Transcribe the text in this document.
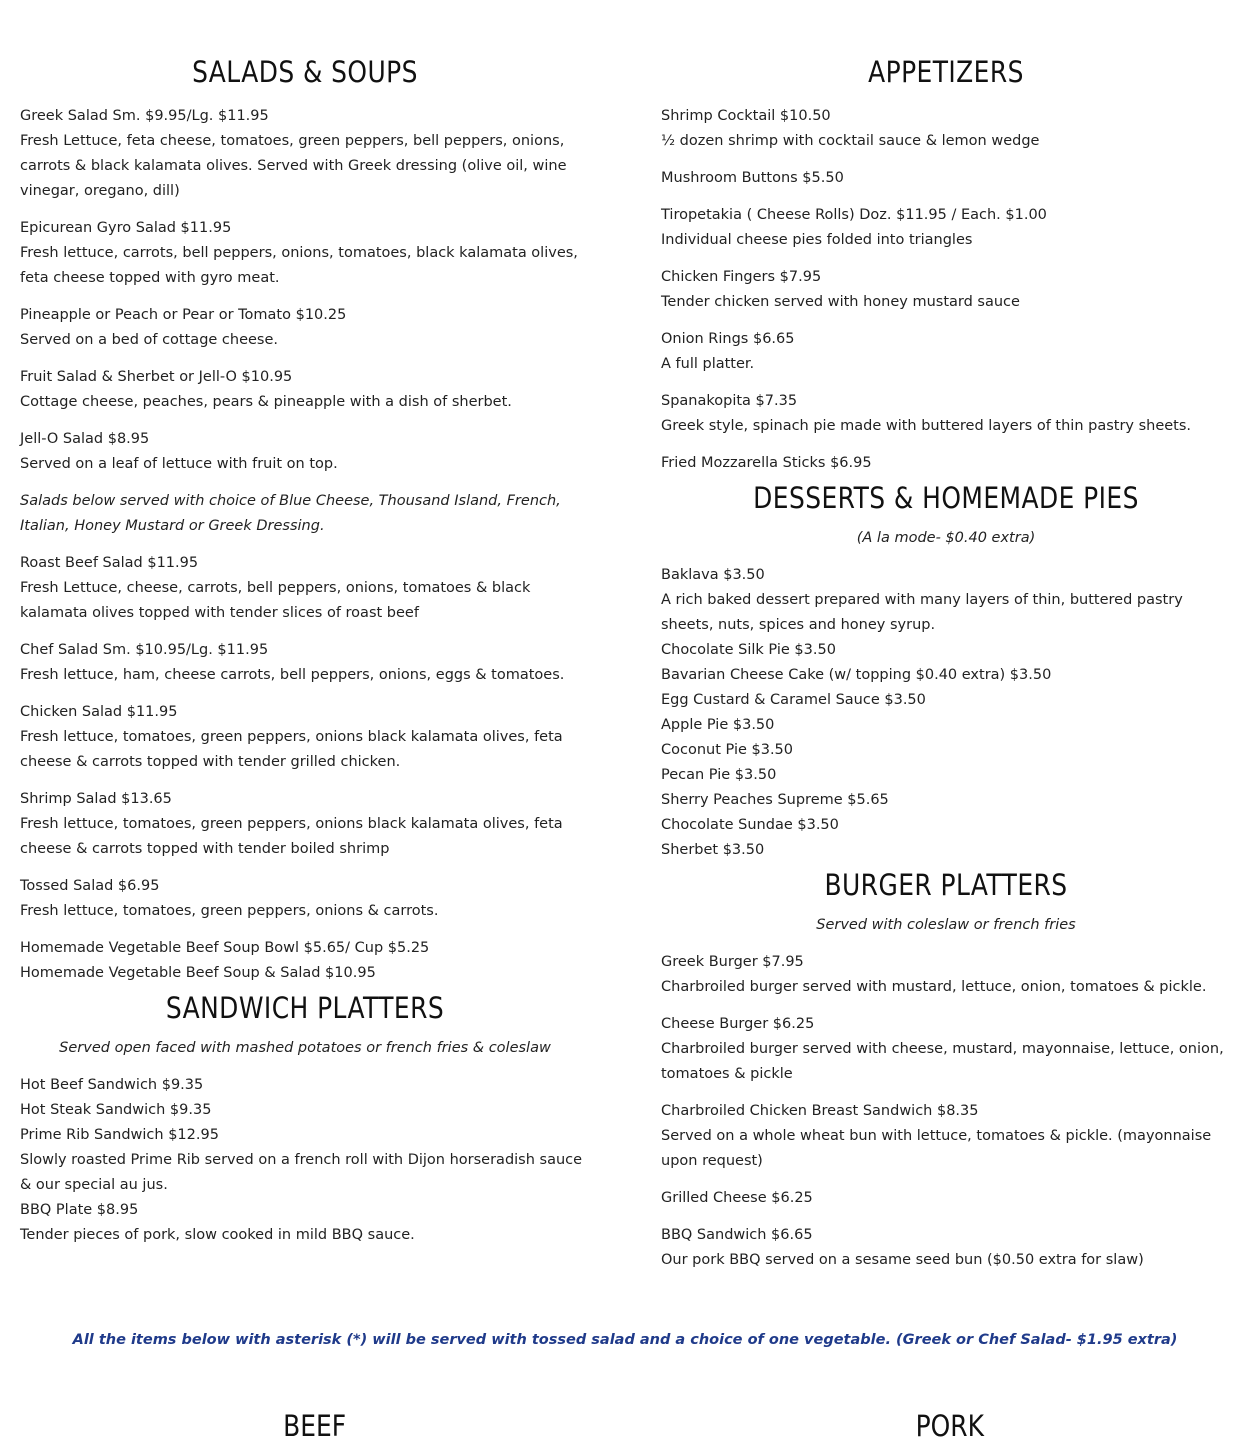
SALADS & SOUPS

Greek Salad Sm. $9.95/Lg. $11.95

Fresh Lettuce, feta cheese, tomatoes, green peppers, bell peppers, onions, carrots & black kalamata olives. Served with Greek dressing (olive oil, wine vinegar, oregano, dill)

Epicurean Gyro Salad $11.95

Fresh lettuce, carrots, bell peppers, onions, tomatoes, black kalamata olives, feta cheese topped with gyro meat.

Pineapple or Peach or Pear or Tomato $10.25

Served on a bed of cottage cheese.

Fruit Salad & Sherbet or Jell-O $10.95

Cottage cheese, peaches, pears & pineapple with a dish of sherbet.

Jell-O Salad $8.95

Served on a leaf of lettuce with fruit on top.

Salads below served with choice of Blue Cheese, Thousand Island, French, Italian, Honey Mustard or Greek Dressing.

Roast Beef Salad $11.95

Fresh Lettuce, cheese, carrots, bell peppers, onions, tomatoes & black kalamata olives topped with tender slices of roast beef

Chef Salad Sm. $10.95/Lg. $11.95

Fresh lettuce, ham, cheese carrots, bell peppers, onions, eggs & tomatoes.

Chicken Salad $11.95

Fresh lettuce, tomatoes, green peppers, onions black kalamata olives, feta cheese & carrots topped with tender grilled chicken.

Shrimp Salad $13.65

Fresh lettuce, tomatoes, green peppers, onions black kalamata olives, feta cheese & carrots topped with tender boiled shrimp

Tossed Salad $6.95

Fresh lettuce, tomatoes, green peppers, onions & carrots.

Homemade Vegetable Beef Soup Bowl $5.65/ Cup $5.25

Homemade Vegetable Beef Soup & Salad $10.95

SANDWICH PLATTERS

Served open faced with mashed potatoes or french fries & coleslaw

Hot Beef Sandwich $9.35

Hot Steak Sandwich $9.35

Prime Rib Sandwich $12.95

Slowly roasted Prime Rib served on a french roll with Dijon horseradish sauce & our special au jus.

BBQ Plate $8.95

Tender pieces of pork, slow cooked in mild BBQ sauce.

APPETIZERS

Shrimp Cocktail $10.50

½ dozen shrimp with cocktail sauce & lemon wedge

Mushroom Buttons $5.50

Tiropetakia ( Cheese Rolls) Doz. $11.95 / Each. $1.00

Individual cheese pies folded into triangles

Chicken Fingers $7.95

Tender chicken served with honey mustard sauce

Onion Rings $6.65

A full platter.

Spanakopita $7.35

Greek style, spinach pie made with buttered layers of thin pastry sheets.

Fried Mozzarella Sticks $6.95

DESSERTS & HOMEMADE PIES

(A la mode- $0.40 extra)

Baklava $3.50

A rich baked dessert prepared with many layers of thin, buttered pastry sheets, nuts, spices and honey syrup.

Chocolate Silk Pie $3.50

Bavarian Cheese Cake (w/ topping $0.40 extra) $3.50

Egg Custard & Caramel Sauce $3.50

Apple Pie $3.50

Coconut Pie $3.50

Pecan Pie $3.50

Sherry Peaches Supreme $5.65

Chocolate Sundae $3.50

Sherbet $3.50

BURGER PLATTERS

Served with coleslaw or french fries

Greek Burger $7.95

Charbroiled burger served with mustard, lettuce, onion, tomatoes & pickle.

Cheese Burger $6.25

Charbroiled burger served with cheese, mustard, mayonnaise, lettuce, onion, tomatoes & pickle

Charbroiled Chicken Breast Sandwich $8.35

Served on a whole wheat bun with lettuce, tomatoes & pickle. (mayonnaise upon request)

Grilled Cheese $6.25

BBQ Sandwich $6.65

Our pork BBQ served on a sesame seed bun ($0.50 extra for slaw)

All the items below with asterisk (*) will be served with tossed salad and a choice of one vegetable. (Greek or Chef Salad- $1.95 extra)

BEEF	PORK
